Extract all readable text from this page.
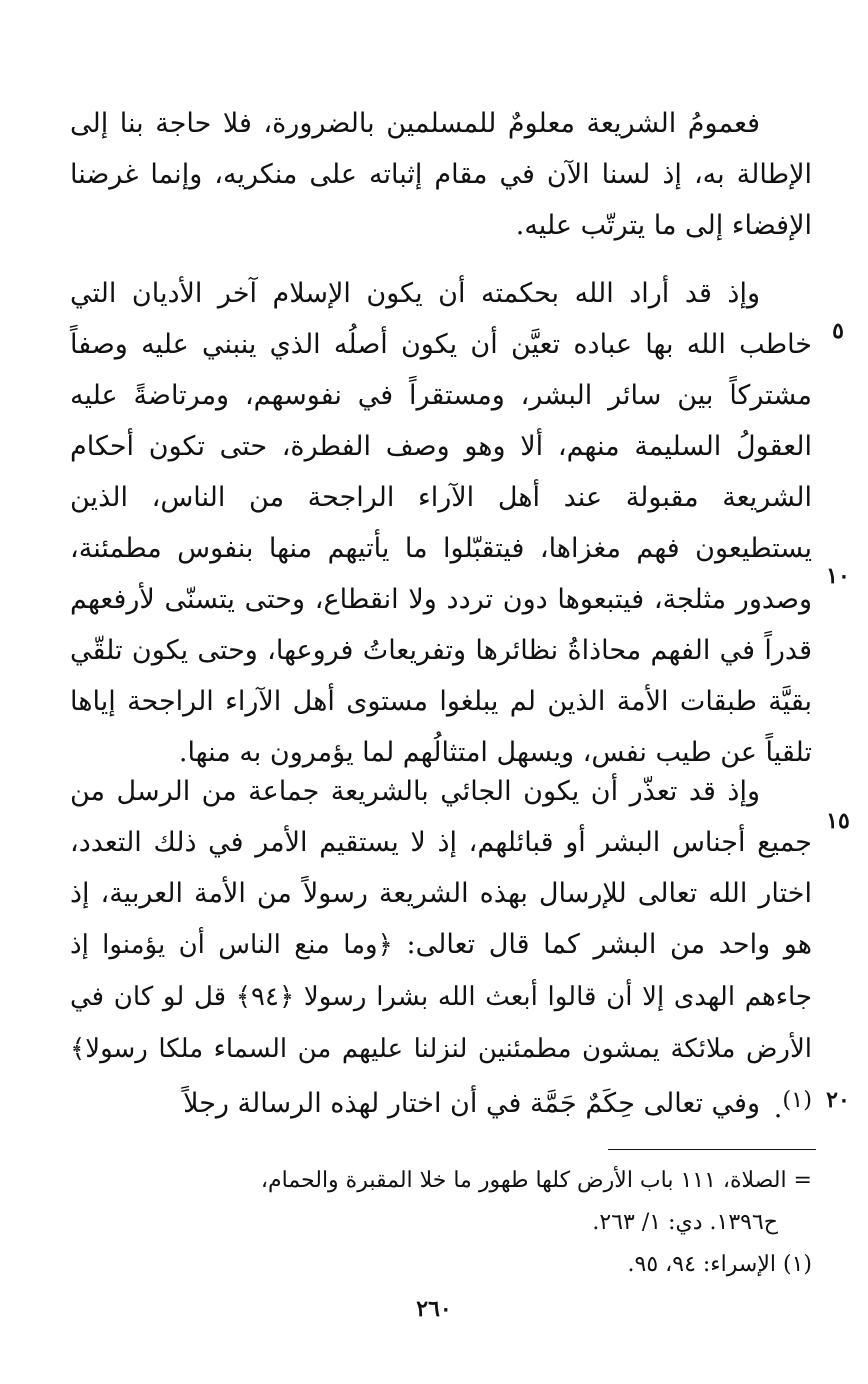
فعمومُ الشريعة معلومٌ للمسلمين بالضرورة، فلا حاجة بنا إلى الإطالة به، إذ لسنا الآن في مقام إثباته على منكريه، وإنما غرضنا الإفضاء إلى ما يترتّب عليه.

وإذ قد أراد الله بحكمته أن يكون الإسلام آخر الأديان التي خاطب الله بها عباده تعيَّن أن يكون أصلُه الذي ينبني عليه وصفاً مشتركاً بين سائر البشر، ومستقراً في نفوسهم، ومرتاضةً عليه العقولُ السليمة منهم، ألا وهو وصف الفطرة، حتى تكون أحكام الشريعة مقبولة عند أهل الآراء الراجحة من الناس، الذين يستطيعون فهم مغزاها، فيتقبّلوا ما يأتيهم منها بنفوس مطمئنة، وصدور مثلجة، فيتبعوها دون تردد ولا انقطاع، وحتى يتسنّى لأرفعهم قدراً في الفهم محاذاةُ نظائرها وتفريعاتُ فروعها، وحتى يكون تلقّي بقيَّة طبقات الأمة الذين لم يبلغوا مستوى أهل الآراء الراجحة إياها تلقياً عن طيب نفس، ويسهل امتثالُهم لما يؤمرون به منها.

وإذ قد تعذّر أن يكون الجائي بالشريعة جماعة من الرسل من جميع أجناس البشر أو قبائلهم، إذ لا يستقيم الأمر في ذلك التعدد، اختار الله تعالى للإرسال بهذه الشريعة رسولاً من الأمة العربية، إذ هو واحد من البشر كما قال تعالى: ﴿وما منع الناس أن يؤمنوا إذ جاءهم الهدى إلا أن قالوا أبعث الله بشرا رسولا ﴿٩٤﴾ قل لو كان في الأرض ملائكة يمشون مطمئنين لنزلنا عليهم من السماء ملكا رسولا﴾$^{(١)}$.

وفي تعالى حِكَمٌ جَمَّة في أن اختار لهذه الرسالة رجلاً

٥
١٠
١٥
٢٠

= الصلاة، ١١١ باب الأرض كلها طهور ما خلا المقبرة والحمام،

ح١٣٩٦. دي: ١/ ٢٦٣.

(١) الإسراء: ٩٤، ٩٥.

٢٦٠
